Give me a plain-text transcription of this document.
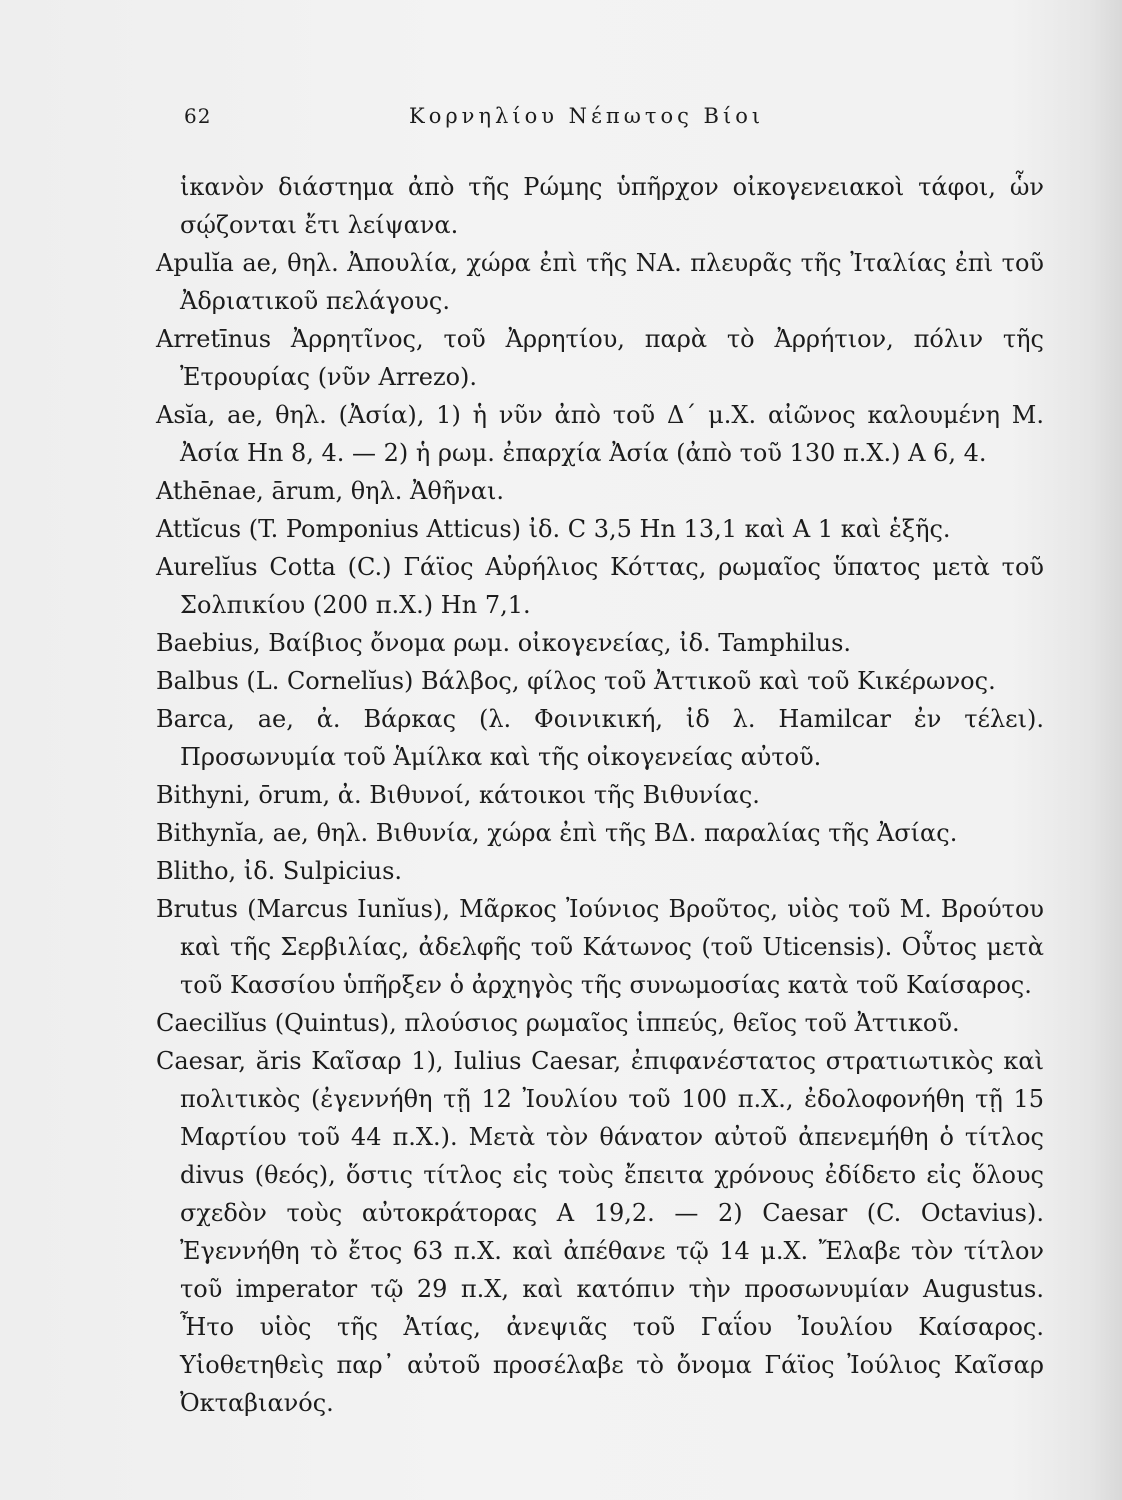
62	Κορνηλίου Νέπωτος Βίοι

ἱκανὸν διάστημα ἀπὸ τῆς Ρώμης ὑπῆρχον οἰκογενειακοὶ τάφοι, ὧν σῴζονται ἔτι λείψανα.

Apulĭa ae, θηλ. Ἀπουλία, χώρα ἐπὶ τῆς ΝΑ. πλευρᾶς τῆς Ἰταλίας ἐπὶ τοῦ Ἀδριατικοῦ πελάγους.

Arretīnus Ἀρρητῖνος, τοῦ Ἀρρητίου, παρὰ τὸ Ἀρρήτιον, πόλιν τῆς Ἐτρουρίας (νῦν Arrezo).

Asĭa, ae, θηλ. (Ἀσία), 1) ἡ νῦν ἀπὸ τοῦ Δ΄ μ.Χ. αἰῶνος καλουμένη Μ. Ἀσία Hn 8, 4. — 2) ἡ ρωμ. ἐπαρχία Ἀσία (ἀπὸ τοῦ 130 π.Χ.) A 6, 4.

Athēnae, ārum, θηλ. Ἀθῆναι.

Attĭcus (T. Pomponius Atticus) ἰδ. C 3,5 Hn 13,1 καὶ A 1 καὶ ἑξῆς.

Aurelĭus Cotta (C.) Γάϊος Αὐρήλιος Κόττας, ρωμαῖος ὕπατος μετὰ τοῦ Σολπικίου (200 π.Χ.) Hn 7,1.

Baebius, Βαίβιος ὄνομα ρωμ. οἰκογενείας, ἰδ. Tamphilus.

Balbus (L. Cornelĭus) Βάλβος, φίλος τοῦ Ἀττικοῦ καὶ τοῦ Κικέρωνος.

Barca, ae, ἀ. Βάρκας (λ. Φοινικική, ἰδ λ. Hamilcar ἐν τέλει). Προσωνυμία τοῦ Ἁμίλκα καὶ τῆς οἰκογενείας αὐτοῦ.

Bithyni, ōrum, ἀ. Βιθυνοί, κάτοικοι τῆς Βιθυνίας.

Bithynĭa, ae, θηλ. Βιθυνία, χώρα ἐπὶ τῆς ΒΔ. παραλίας τῆς Ἀσίας.

Blitho, ἰδ. Sulpicius.

Brutus (Marcus Iunĭus), Μᾶρκος Ἰούνιος Βροῦτος, υἱὸς τοῦ Μ. Βρούτου καὶ τῆς Σερβιλίας, ἀδελφῆς τοῦ Κάτωνος (τοῦ Uticensis). Οὗτος μετὰ τοῦ Κασσίου ὑπῆρξεν ὁ ἀρχηγὸς τῆς συνωμοσίας κατὰ τοῦ Καίσαρος.

Caecilĭus (Quintus), πλούσιος ρωμαῖος ἱππεύς, θεῖος τοῦ Ἀττικοῦ.

Caesar, ăris Καῖσαρ 1), Iulius Caesar, ἐπιφανέστατος στρατιωτικὸς καὶ πολιτικὸς (ἐγεννήθη τῇ 12 Ἰουλίου τοῦ 100 π.Χ., ἐδολοφονήθη τῇ 15 Μαρτίου τοῦ 44 π.Χ.). Μετὰ τὸν θάνατον αὐτοῦ ἀπενεμήθη ὁ τίτλος divus (θεός), ὅστις τίτλος εἰς τοὺς ἔπειτα χρόνους ἐδίδετο εἰς ὅλους σχεδὸν τοὺς αὐτοκράτορας A 19,2. — 2) Caesar (C. Octavius). Ἐγεννήθη τὸ ἔτος 63 π.Χ. καὶ ἀπέθανε τῷ 14 μ.Χ. Ἔλαβε τὸν τίτλον τοῦ imperator τῷ 29 π.Χ, καὶ κατόπιν τὴν προσωνυμίαν Augustus. Ἦτο υἱὸς τῆς Ἀτίας, ἀνεψιᾶς τοῦ Γαΐου Ἰουλίου Καίσαρος. Υἱοθετηθεὶς παρ᾽ αὐτοῦ προσέλαβε τὸ ὄνομα Γάϊος Ἰούλιος Καῖσαρ Ὀκταβιανός.
